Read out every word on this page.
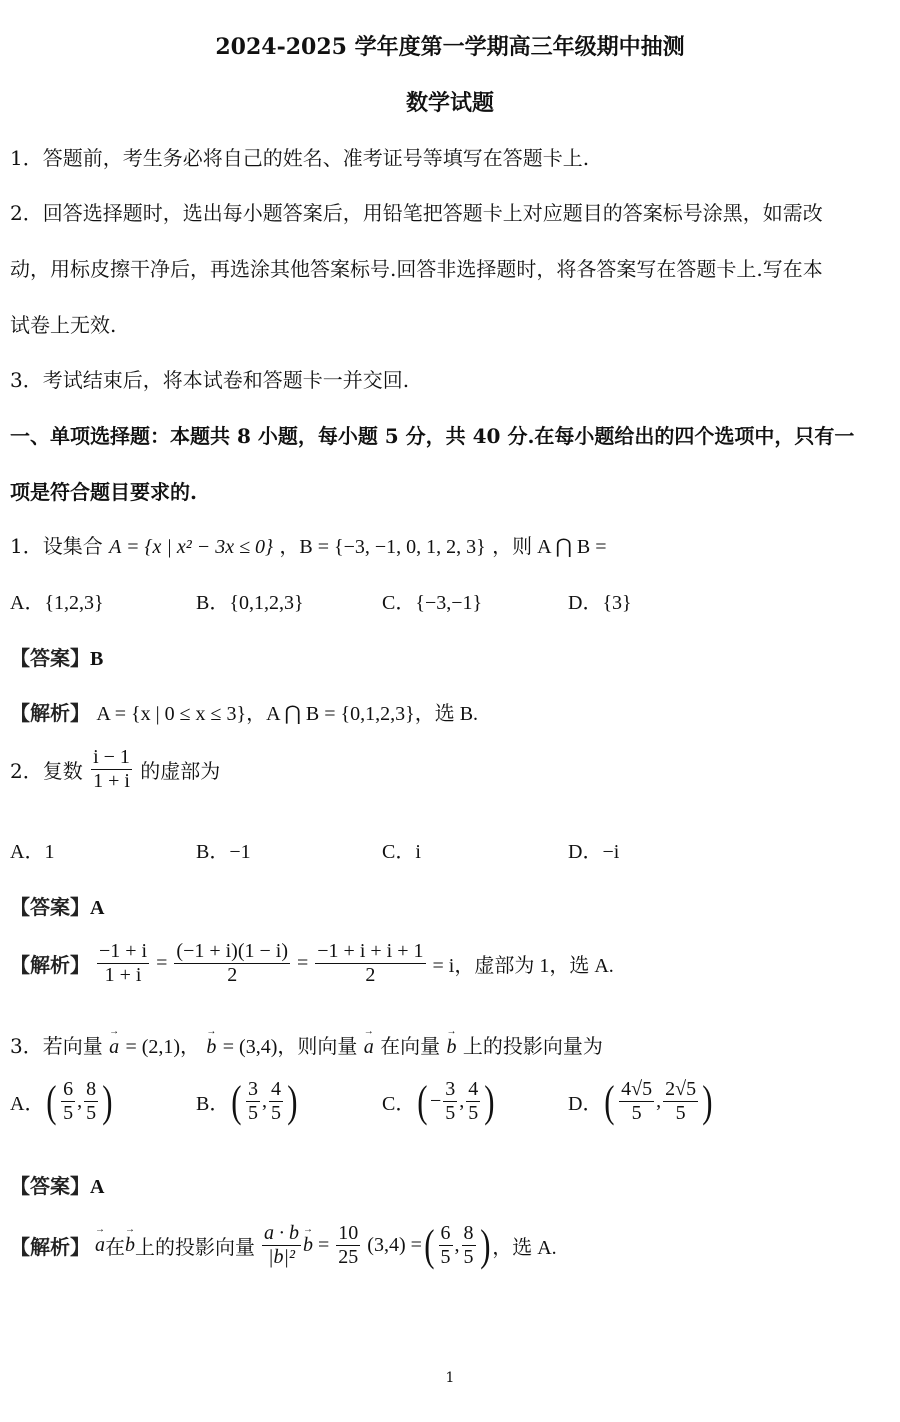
2024-2025 学年度第一学期高三年级期中抽测
数学试题
1．答题前，考生务必将自己的姓名、准考证号等填写在答题卡上.
2．回答选择题时，选出每小题答案后，用铅笔把答题卡上对应题目的答案标号涂黑，如需改
动，用标皮擦干净后，再选涂其他答案标号.回答非选择题时，将各答案写在答题卡上.写在本
试卷上无效.
3．考试结束后，将本试卷和答题卡一并交回.
一、单项选择题：本题共 8 小题，每小题 5 分，共 40 分.在每小题给出的四个选项中，只有一
项是符合题目要求的.
1．设集合 A = {x | x² − 3x ≤ 0} ，B = {−3, −1, 0, 1, 2, 3} ，则 A ⋂ B =
A．{1,2,3}	B．{0,1,2,3}	C．{−3,−1}	D．{3}
【答案】B
【解析】 A = {x | 0 ≤ x ≤ 3}，A ⋂ B = {0,1,2,3}，选 B.
2．复数 $\frac{i - 1}{1 + i}$ 的虚部为
A．1	B．−1	C．i	D．−i
【答案】A
【解析】 $\frac{-1 + i}{1 + i} = \frac{(-1 + i)(1 - i)}{2} = \frac{-1 + i + i + 1}{2} = i$，虚部为 1，选 A.
3．若向量 → a = (2,1)， → b = (3,4)，则向量 → a 在向量 → b 上的投影向量为
A．( $\frac{6}{5}$ , $\frac{8}{5}$ )	B．( $\frac{3}{5}$ , $\frac{4}{5}$ )	C．( − $\frac{3}{5}$ , $\frac{4}{5}$ )	D．( $\frac{4√5}{5}$ , $\frac{2√5}{5}$ )
【答案】A
【解析】 → a在→ b上的投影向量 $\frac{a \cdot b}{\text{|b|²}}$
→ $b = \frac{10}{25} (3,4)$ =( $\frac{6}{5}$ , $\frac{8}{5}$ ) ，选 A.
1
